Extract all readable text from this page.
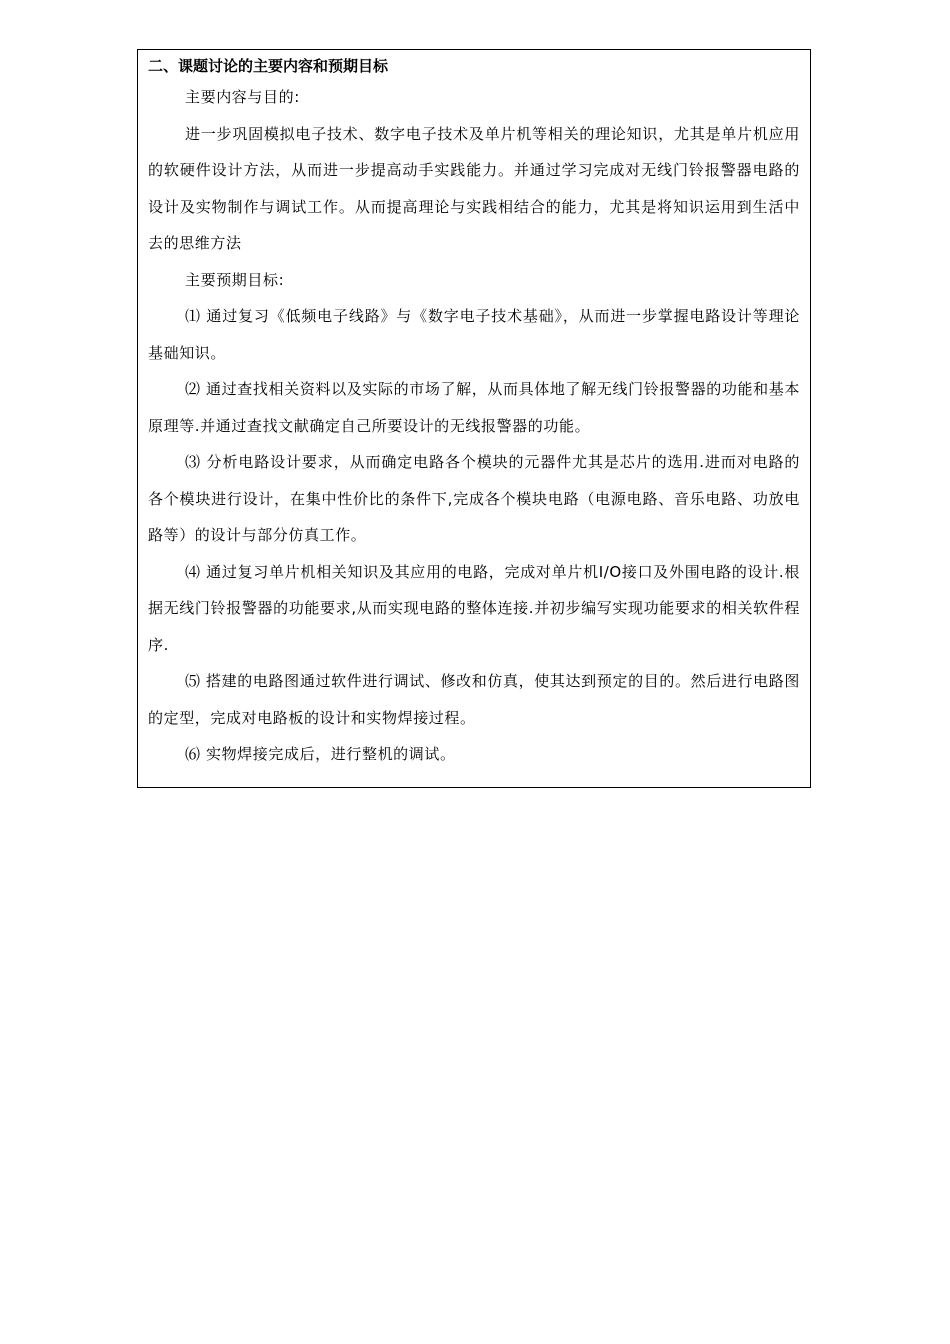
二、课题讨论的主要内容和预期目标

主要内容与目的:

进一步巩固模拟电子技术、数字电子技术及单片机等相关的理论知识，尤其是单片机应用的软硬件设计方法，从而进一步提高动手实践能力。并通过学习完成对无线门铃报警器电路的设计及实物制作与调试工作。从而提高理论与实践相结合的能力，尤其是将知识运用到生活中去的思维方法

主要预期目标:

⑴ 通过复习《低频电子线路》与《数字电子技术基础》，从而进一步掌握电路设计等理论基础知识。

⑵ 通过查找相关资料以及实际的市场了解，从而具体地了解无线门铃报警器的功能和基本原理等.并通过查找文献确定自己所要设计的无线报警器的功能。

⑶ 分析电路设计要求，从而确定电路各个模块的元器件尤其是芯片的选用.进而对电路的各个模块进行设计，在集中性价比的条件下,完成各个模块电路（电源电路、音乐电路、功放电路等）的设计与部分仿真工作。

⑷ 通过复习单片机相关知识及其应用的电路，完成对单片机I/O接口及外围电路的设计.根据无线门铃报警器的功能要求,从而实现电路的整体连接.并初步编写实现功能要求的相关软件程序.

⑸ 搭建的电路图通过软件进行调试、修改和仿真，使其达到预定的目的。然后进行电路图的定型，完成对电路板的设计和实物焊接过程。

⑹ 实物焊接完成后，进行整机的调试。
